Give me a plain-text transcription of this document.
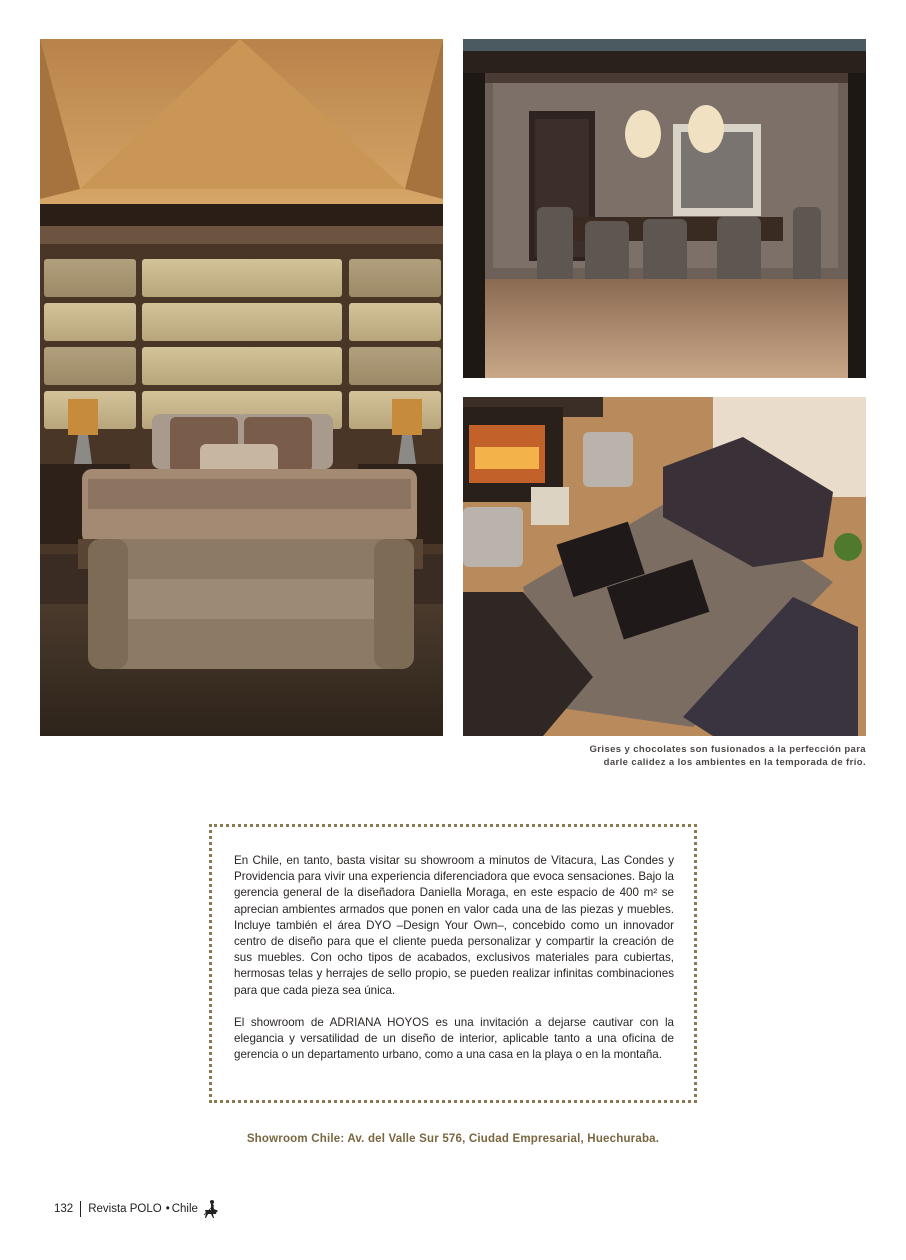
Grises y chocolates son fusionados a la perfección para
darle calidez a los ambientes en la temporada de frío.

En Chile, en tanto, basta visitar su showroom a minutos de Vitacura, Las Condes y Providencia para vivir una experiencia diferenciadora que evoca sensaciones. Bajo la gerencia general de la diseñadora Daniella Moraga, en este espacio de 400 m² se aprecian ambientes armados que ponen en valor cada una de las piezas y muebles. Incluye también el área DYO –Design Your Own–, concebido como un innovador centro de diseño para que el cliente pueda personalizar y compartir la creación de sus muebles. Con ocho tipos de acabados, exclusivos materiales para cubiertas, hermosas telas y herrajes de sello propio, se pueden realizar infinitas combinaciones para que cada pieza sea única.

El showroom de ADRIANA HOYOS es una invitación a dejarse cautivar con la elegancia y versatilidad de un diseño de interior, aplicable tanto a una oficina de gerencia o un departamento urbano, como a una casa en la playa o en la montaña.

Showroom Chile: Av. del Valle Sur 576, Ciudad Empresarial, Huechuraba.
132 Revista POLO • Chile
